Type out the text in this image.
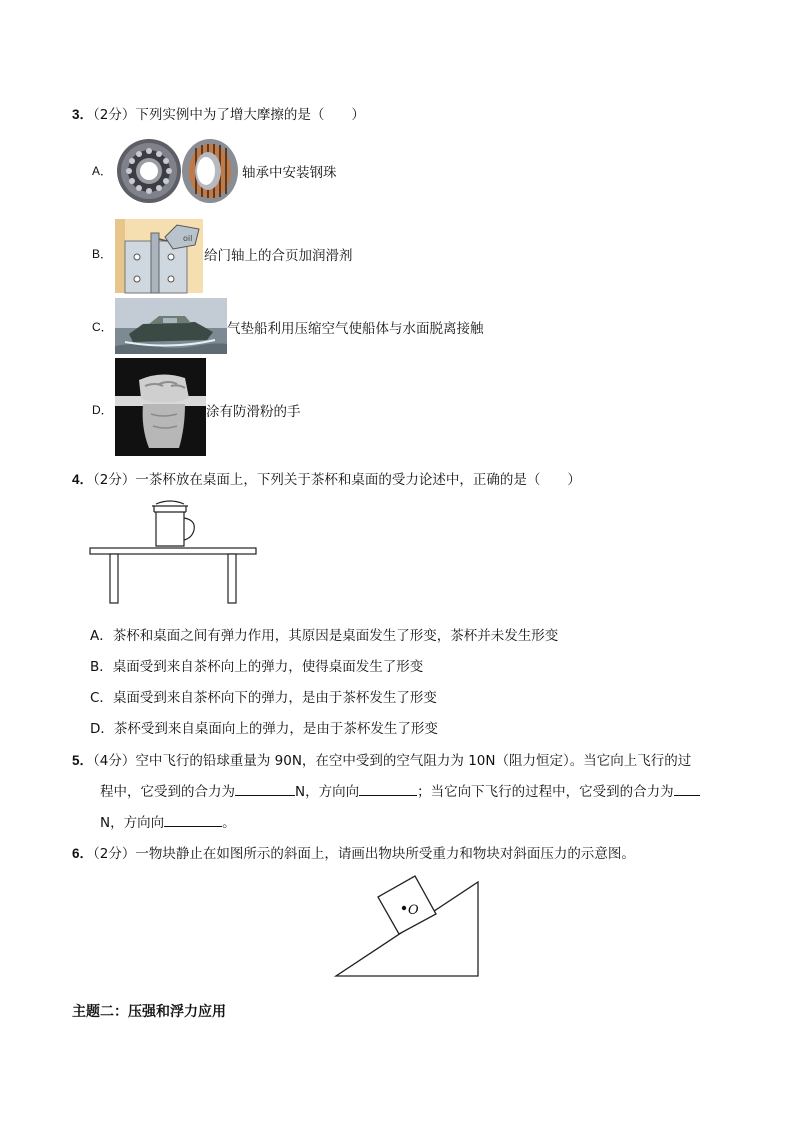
3．（2分）下列实例中为了增大摩擦的是（　　）
A．	轴承中安装钢珠
B．
oil
给门轴上的合页加润滑剂
C．	气垫船利用压缩空气使船体与水面脱离接触
D．	涂有防滑粉的手
4．（2分）一茶杯放在桌面上，下列关于茶杯和桌面的受力论述中，正确的是（　　）
A．茶杯和桌面之间有弹力作用，其原因是桌面发生了形变，茶杯并未发生形变
B．桌面受到来自茶杯向上的弹力，使得桌面发生了形变
C．桌面受到来自茶杯向下的弹力，是由于茶杯发生了形变
D．茶杯受到来自桌面向上的弹力，是由于茶杯发生了形变
5．（4分）空中飞行的铅球重量为 90N，在空中受到的空气阻力为 10N（阻力恒定）。当它向上飞行的过
程中，它受到的合力为	N，方向向	；当它向下飞行的过程中，它受到的合力为
N，方向向	。
6．（2分）一物块静止在如图所示的斜面上，请画出物块所受重力和物块对斜面压力的示意图。
O
主题二：压强和浮力应用
